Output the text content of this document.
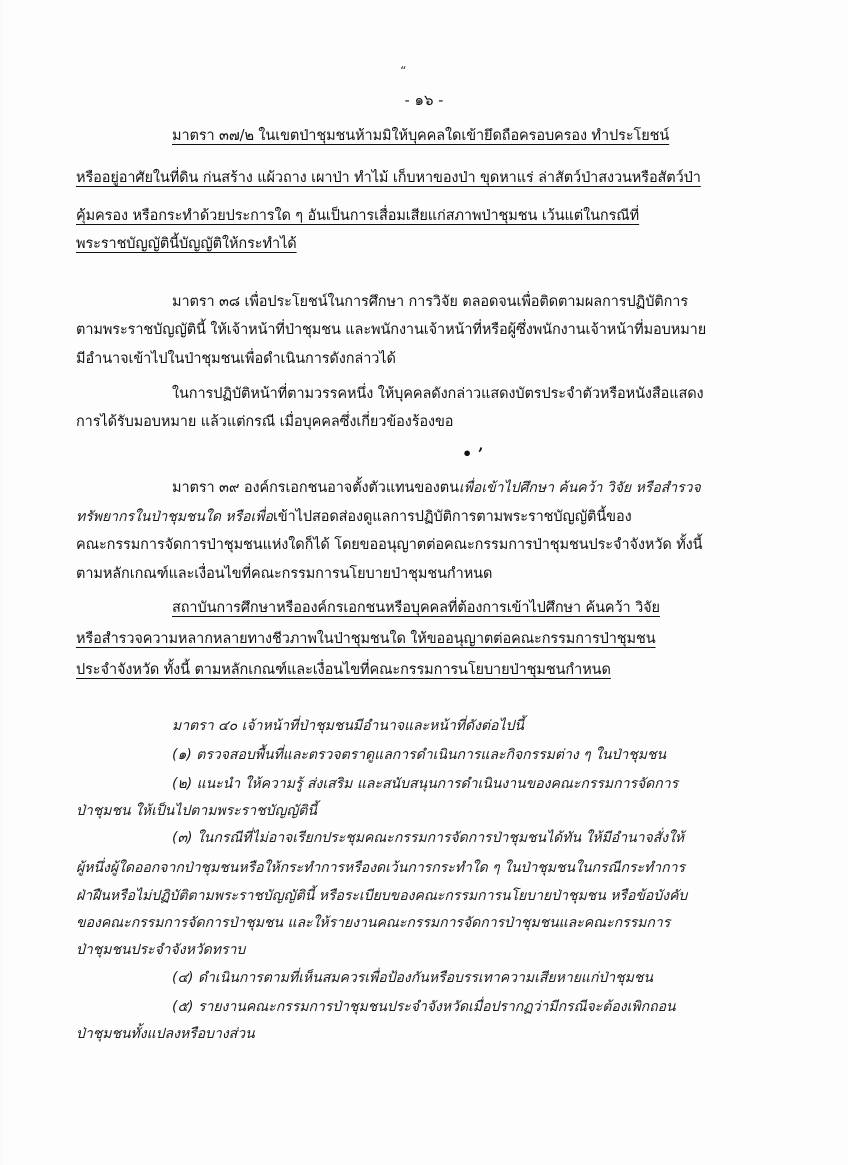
“
- ๑๖ -
มาตรา ๓๗/๒ ในเขตป่าชุมชนห้ามมิให้บุคคลใดเข้ายึดถือครอบครอง ทำประโยชน์
หรืออยู่อาศัยในที่ดิน ก่นสร้าง แผ้วถาง เผาป่า ทำไม้ เก็บหาของป่า ขุดหาแร่ ล่าสัตว์ป่าสงวนหรือสัตว์ป่า
คุ้มครอง หรือกระทำด้วยประการใด ๆ อันเป็นการเสื่อมเสียแก่สภาพป่าชุมชน เว้นแต่ในกรณีที่
พระราชบัญญัตินี้บัญญัติให้กระทำได้
มาตรา ๓๘ เพื่อประโยชน์ในการศึกษา การวิจัย ตลอดจนเพื่อติดตามผลการปฏิบัติการ
ตามพระราชบัญญัตินี้ ให้เจ้าหน้าที่ป่าชุมชน และพนักงานเจ้าหน้าที่หรือผู้ซึ่งพนักงานเจ้าหน้าที่มอบหมาย
มีอำนาจเข้าไปในป่าชุมชนเพื่อดำเนินการดังกล่าวได้
ในการปฏิบัติหน้าที่ตามวรรคหนึ่ง ให้บุคคลดังกล่าวแสดงบัตรประจำตัวหรือหนังสือแสดง
การได้รับมอบหมาย แล้วแต่กรณี เมื่อบุคคลซึ่งเกี่ยวข้องร้องขอ
• ’
มาตรา ๓๙ องค์กรเอกชนอาจตั้งตัวแทนของตนเพื่อเข้าไปศึกษา ค้นคว้า วิจัย หรือสำรวจ
ทรัพยากรในป่าชุมชนใด หรือเพื่อเข้าไปสอดส่องดูแลการปฏิบัติการตามพระราชบัญญัตินี้ของ
คณะกรรมการจัดการป่าชุมชนแห่งใดก็ได้ โดยขออนุญาตต่อคณะกรรมการป่าชุมชนประจำจังหวัด ทั้งนี้
ตามหลักเกณฑ์และเงื่อนไขที่คณะกรรมการนโยบายป่าชุมชนกำหนด
สถาบันการศึกษาหรือองค์กรเอกชนหรือบุคคลที่ต้องการเข้าไปศึกษา ค้นคว้า วิจัย
หรือสำรวจความหลากหลายทางชีวภาพในป่าชุมชนใด ให้ขออนุญาตต่อคณะกรรมการป่าชุมชน
ประจำจังหวัด ทั้งนี้ ตามหลักเกณฑ์และเงื่อนไขที่คณะกรรมการนโยบายป่าชุมชนกำหนด
มาตรา ๔๐ เจ้าหน้าที่ป่าชุมชนมีอำนาจและหน้าที่ดังต่อไปนี้
(๑) ตรวจสอบพื้นที่และตรวจตราดูแลการดำเนินการและกิจกรรมต่าง ๆ ในป่าชุมชน
(๒) แนะนำ ให้ความรู้ ส่งเสริม และสนับสนุนการดำเนินงานของคณะกรรมการจัดการ
ป่าชุมชน ให้เป็นไปตามพระราชบัญญัตินี้
(๓) ในกรณีที่ไม่อาจเรียกประชุมคณะกรรมการจัดการป่าชุมชนได้ทัน ให้มีอำนาจสั่งให้
ผู้หนึ่งผู้ใดออกจากป่าชุมชนหรือให้กระทำการหรืองดเว้นการกระทำใด ๆ ในป่าชุมชนในกรณีกระทำการ
ฝ่าฝืนหรือไม่ปฏิบัติตามพระราชบัญญัตินี้ หรือระเบียบของคณะกรรมการนโยบายป่าชุมชน หรือข้อบังคับ
ของคณะกรรมการจัดการป่าชุมชน และให้รายงานคณะกรรมการจัดการป่าชุมชนและคณะกรรมการ
ป่าชุมชนประจำจังหวัดทราบ
(๔) ดำเนินการตามที่เห็นสมควรเพื่อป้องกันหรือบรรเทาความเสียหายแก่ป่าชุมชน
(๕) รายงานคณะกรรมการป่าชุมชนประจำจังหวัดเมื่อปรากฏว่ามีกรณีจะต้องเพิกถอน
ป่าชุมชนทั้งแปลงหรือบางส่วน
